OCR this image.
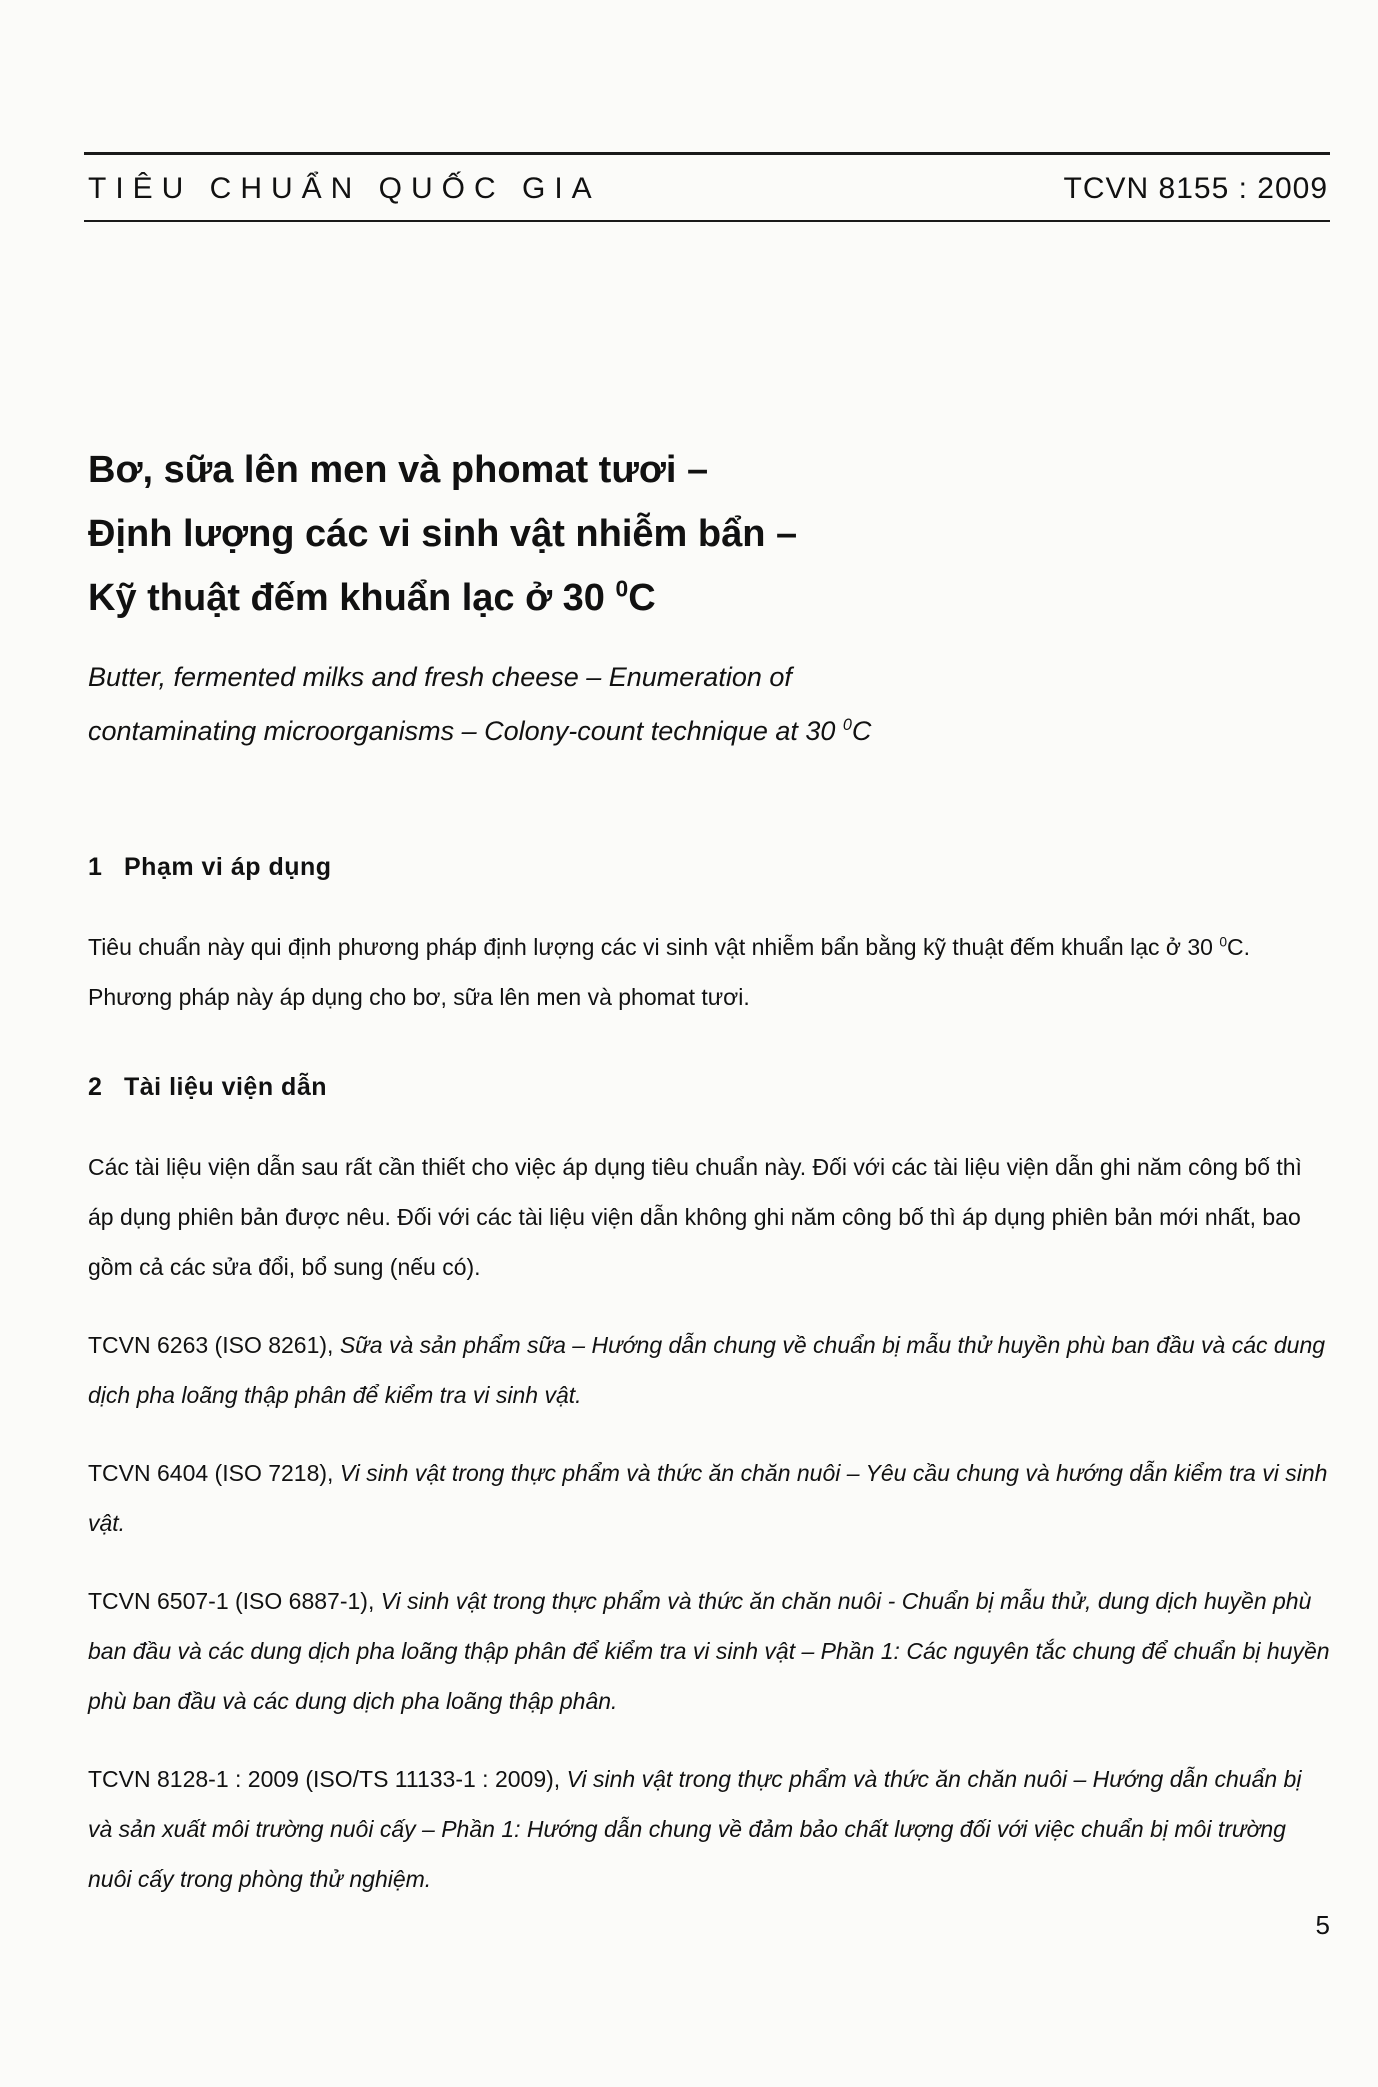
TIÊU CHUẨN QUỐC GIA	TCVN 8155 : 2009
Bơ, sữa lên men và phomat tươi –
Định lượng các vi sinh vật nhiễm bẩn –
Kỹ thuật đếm khuẩn lạc ở 30 $^0$C
Butter, fermented milks and fresh cheese – Enumeration of
contaminating microorganisms – Colony-count technique at 30 $^0$C
1 Phạm vi áp dụng

Tiêu chuẩn này qui định phương pháp định lượng các vi sinh vật nhiễm bẩn bằng kỹ thuật đếm khuẩn lạc ở 30 $^0$C. Phương pháp này áp dụng cho bơ, sữa lên men và phomat tươi.

2 Tài liệu viện dẫn

Các tài liệu viện dẫn sau rất cần thiết cho việc áp dụng tiêu chuẩn này. Đối với các tài liệu viện dẫn ghi năm công bố thì áp dụng phiên bản được nêu. Đối với các tài liệu viện dẫn không ghi năm công bố thì áp dụng phiên bản mới nhất, bao gồm cả các sửa đổi, bổ sung (nếu có).

TCVN 6263 (ISO 8261), Sữa và sản phẩm sữa – Hướng dẫn chung về chuẩn bị mẫu thử huyền phù ban đầu và các dung dịch pha loãng thập phân để kiểm tra vi sinh vật.
TCVN 6404 (ISO 7218), Vi sinh vật trong thực phẩm và thức ăn chăn nuôi – Yêu cầu chung và hướng dẫn kiểm tra vi sinh vật.
TCVN 6507-1 (ISO 6887-1), Vi sinh vật trong thực phẩm và thức ăn chăn nuôi - Chuẩn bị mẫu thử, dung dịch huyền phù ban đầu và các dung dịch pha loãng thập phân để kiểm tra vi sinh vật – Phần 1: Các nguyên tắc chung để chuẩn bị huyền phù ban đầu và các dung dịch pha loãng thập phân.
TCVN 8128-1 : 2009 (ISO/TS 11133-1 : 2009), Vi sinh vật trong thực phẩm và thức ăn chăn nuôi – Hướng dẫn chuẩn bị và sản xuất môi trường nuôi cấy – Phần 1: Hướng dẫn chung về đảm bảo chất lượng đối với việc chuẩn bị môi trường nuôi cấy trong phòng thử nghiệm.
5
